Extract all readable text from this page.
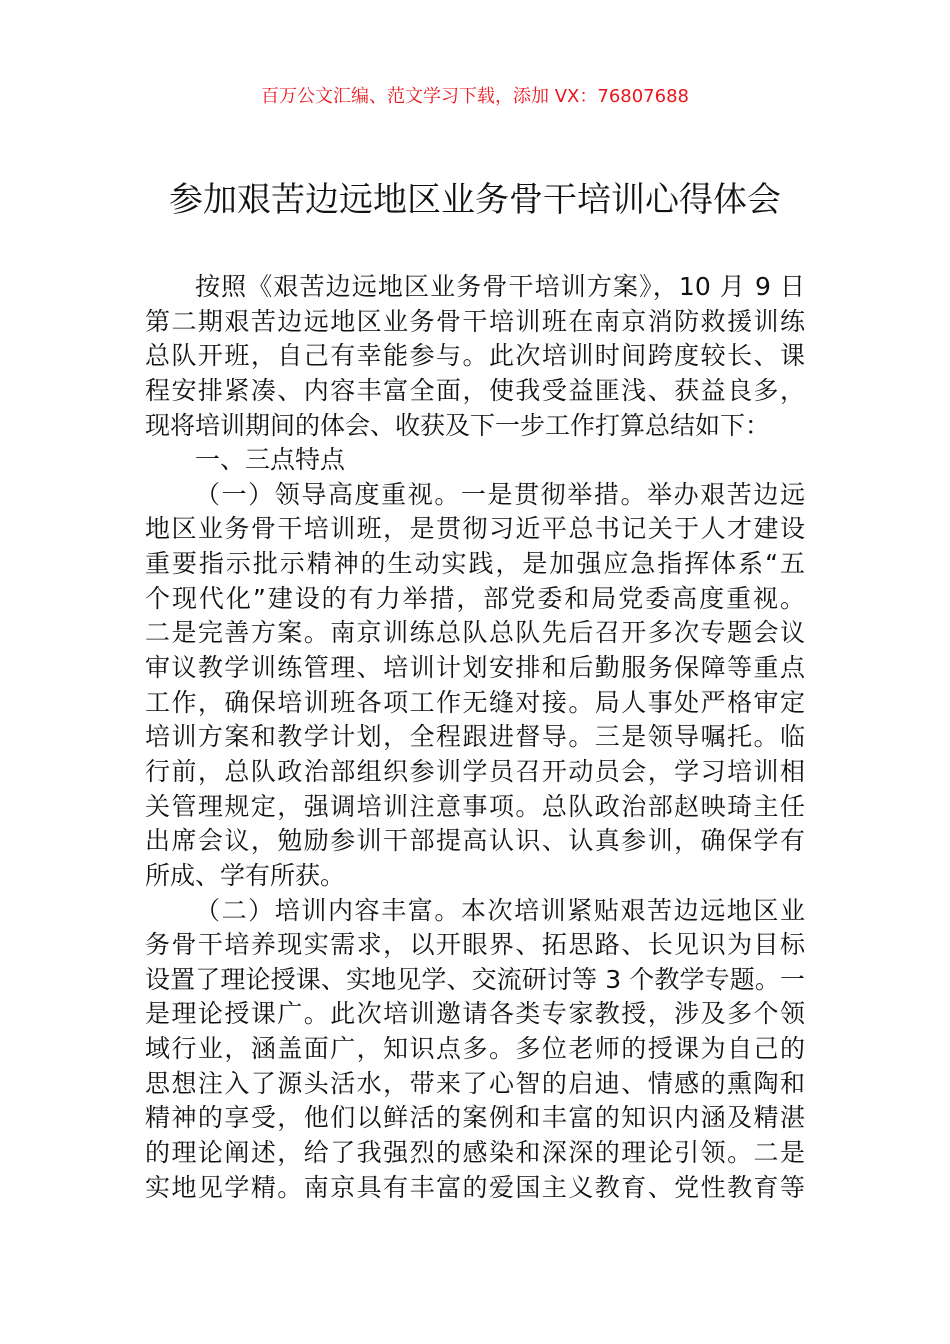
百万公文汇编、范文学习下载，添加 VX：76807688
参加艰苦边远地区业务骨干培训心得体会
按照《艰苦边远地区业务骨干培训方案》，10 月 9 日
第二期艰苦边远地区业务骨干培训班在南京消防救援训练
总队开班，自己有幸能参与。此次培训时间跨度较长、课
程安排紧凑、内容丰富全面，使我受益匪浅、获益良多，
现将培训期间的体会、收获及下一步工作打算总结如下：
一、三点特点
（一）领导高度重视。一是贯彻举措。举办艰苦边远
地区业务骨干培训班，是贯彻习近平总书记关于人才建设
重要指示批示精神的生动实践，是加强应急指挥体系“五
个现代化”建设的有力举措，部党委和局党委高度重视。
二是完善方案。南京训练总队总队先后召开多次专题会议
审议教学训练管理、培训计划安排和后勤服务保障等重点
工作，确保培训班各项工作无缝对接。局人事处严格审定
培训方案和教学计划，全程跟进督导。三是领导嘱托。临
行前，总队政治部组织参训学员召开动员会，学习培训相
关管理规定，强调培训注意事项。总队政治部赵映琦主任
出席会议，勉励参训干部提高认识、认真参训，确保学有
所成、学有所获。
（二）培训内容丰富。本次培训紧贴艰苦边远地区业
务骨干培养现实需求，以开眼界、拓思路、长见识为目标
设置了理论授课、实地见学、交流研讨等 3 个教学专题。一
是理论授课广。此次培训邀请各类专家教授，涉及多个领
域行业，涵盖面广，知识点多。多位老师的授课为自己的
思想注入了源头活水，带来了心智的启迪、情感的熏陶和
精神的享受，他们以鲜活的案例和丰富的知识内涵及精湛
的理论阐述，给了我强烈的感染和深深的理论引领。二是
实地见学精。南京具有丰富的爱国主义教育、党性教育等
